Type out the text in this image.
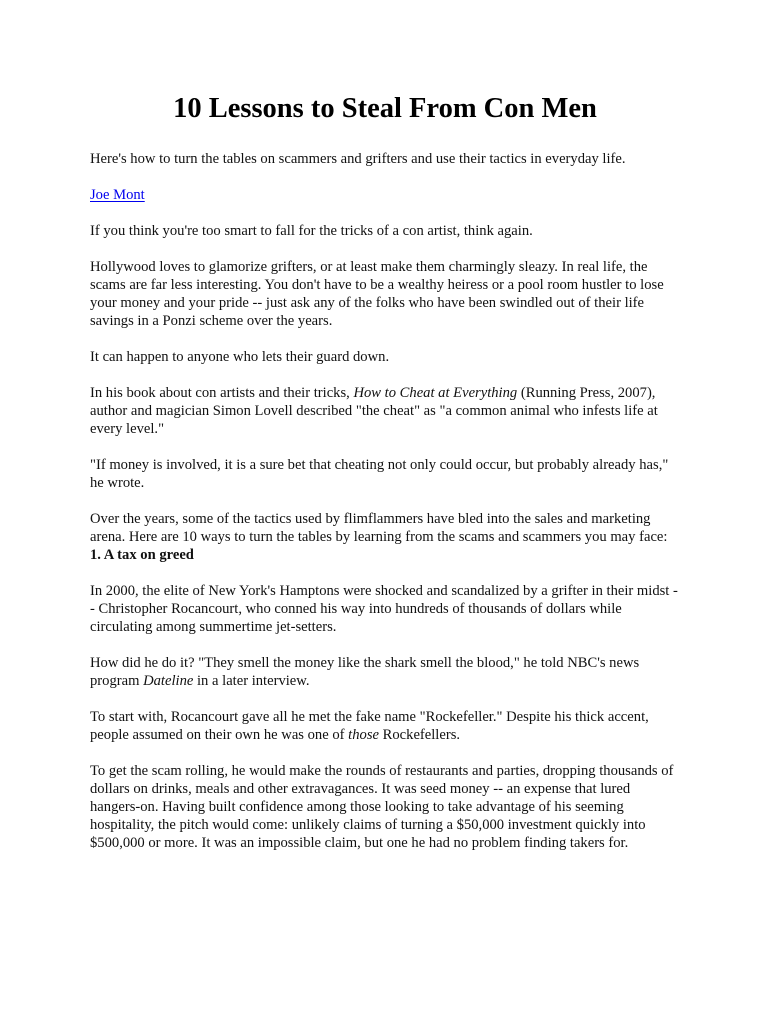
10 Lessons to Steal From Con Men

Here's how to turn the tables on scammers and grifters and use their tactics in everyday life.

Joe Mont

If you think you're too smart to fall for the tricks of a con artist, think again.

Hollywood loves to glamorize grifters, or at least make them charmingly sleazy. In real life, the scams are far less interesting. You don't have to be a wealthy heiress or a pool room hustler to lose your money and your pride -- just ask any of the folks who have been swindled out of their life savings in a Ponzi scheme over the years.

It can happen to anyone who lets their guard down.

In his book about con artists and their tricks, How to Cheat at Everything (Running Press, 2007), author and magician Simon Lovell described "the cheat" as "a common animal who infests life at every level."

"If money is involved, it is a sure bet that cheating not only could occur, but probably already has," he wrote.

Over the years, some of the tactics used by flimflammers have bled into the sales and marketing arena. Here are 10 ways to turn the tables by learning from the scams and scammers you may face:

1. A tax on greed

In 2000, the elite of New York's Hamptons were shocked and scandalized by a grifter in their midst -- Christopher Rocancourt, who conned his way into hundreds of thousands of dollars while circulating among summertime jet-setters.

How did he do it? "They smell the money like the shark smell the blood," he told NBC's news program Dateline in a later interview.

To start with, Rocancourt gave all he met the fake name "Rockefeller." Despite his thick accent, people assumed on their own he was one of those Rockefellers.

To get the scam rolling, he would make the rounds of restaurants and parties, dropping thousands of dollars on drinks, meals and other extravagances. It was seed money -- an expense that lured hangers-on. Having built confidence among those looking to take advantage of his seeming hospitality, the pitch would come: unlikely claims of turning a $50,000 investment quickly into $500,000 or more. It was an impossible claim, but one he had no problem finding takers for.
